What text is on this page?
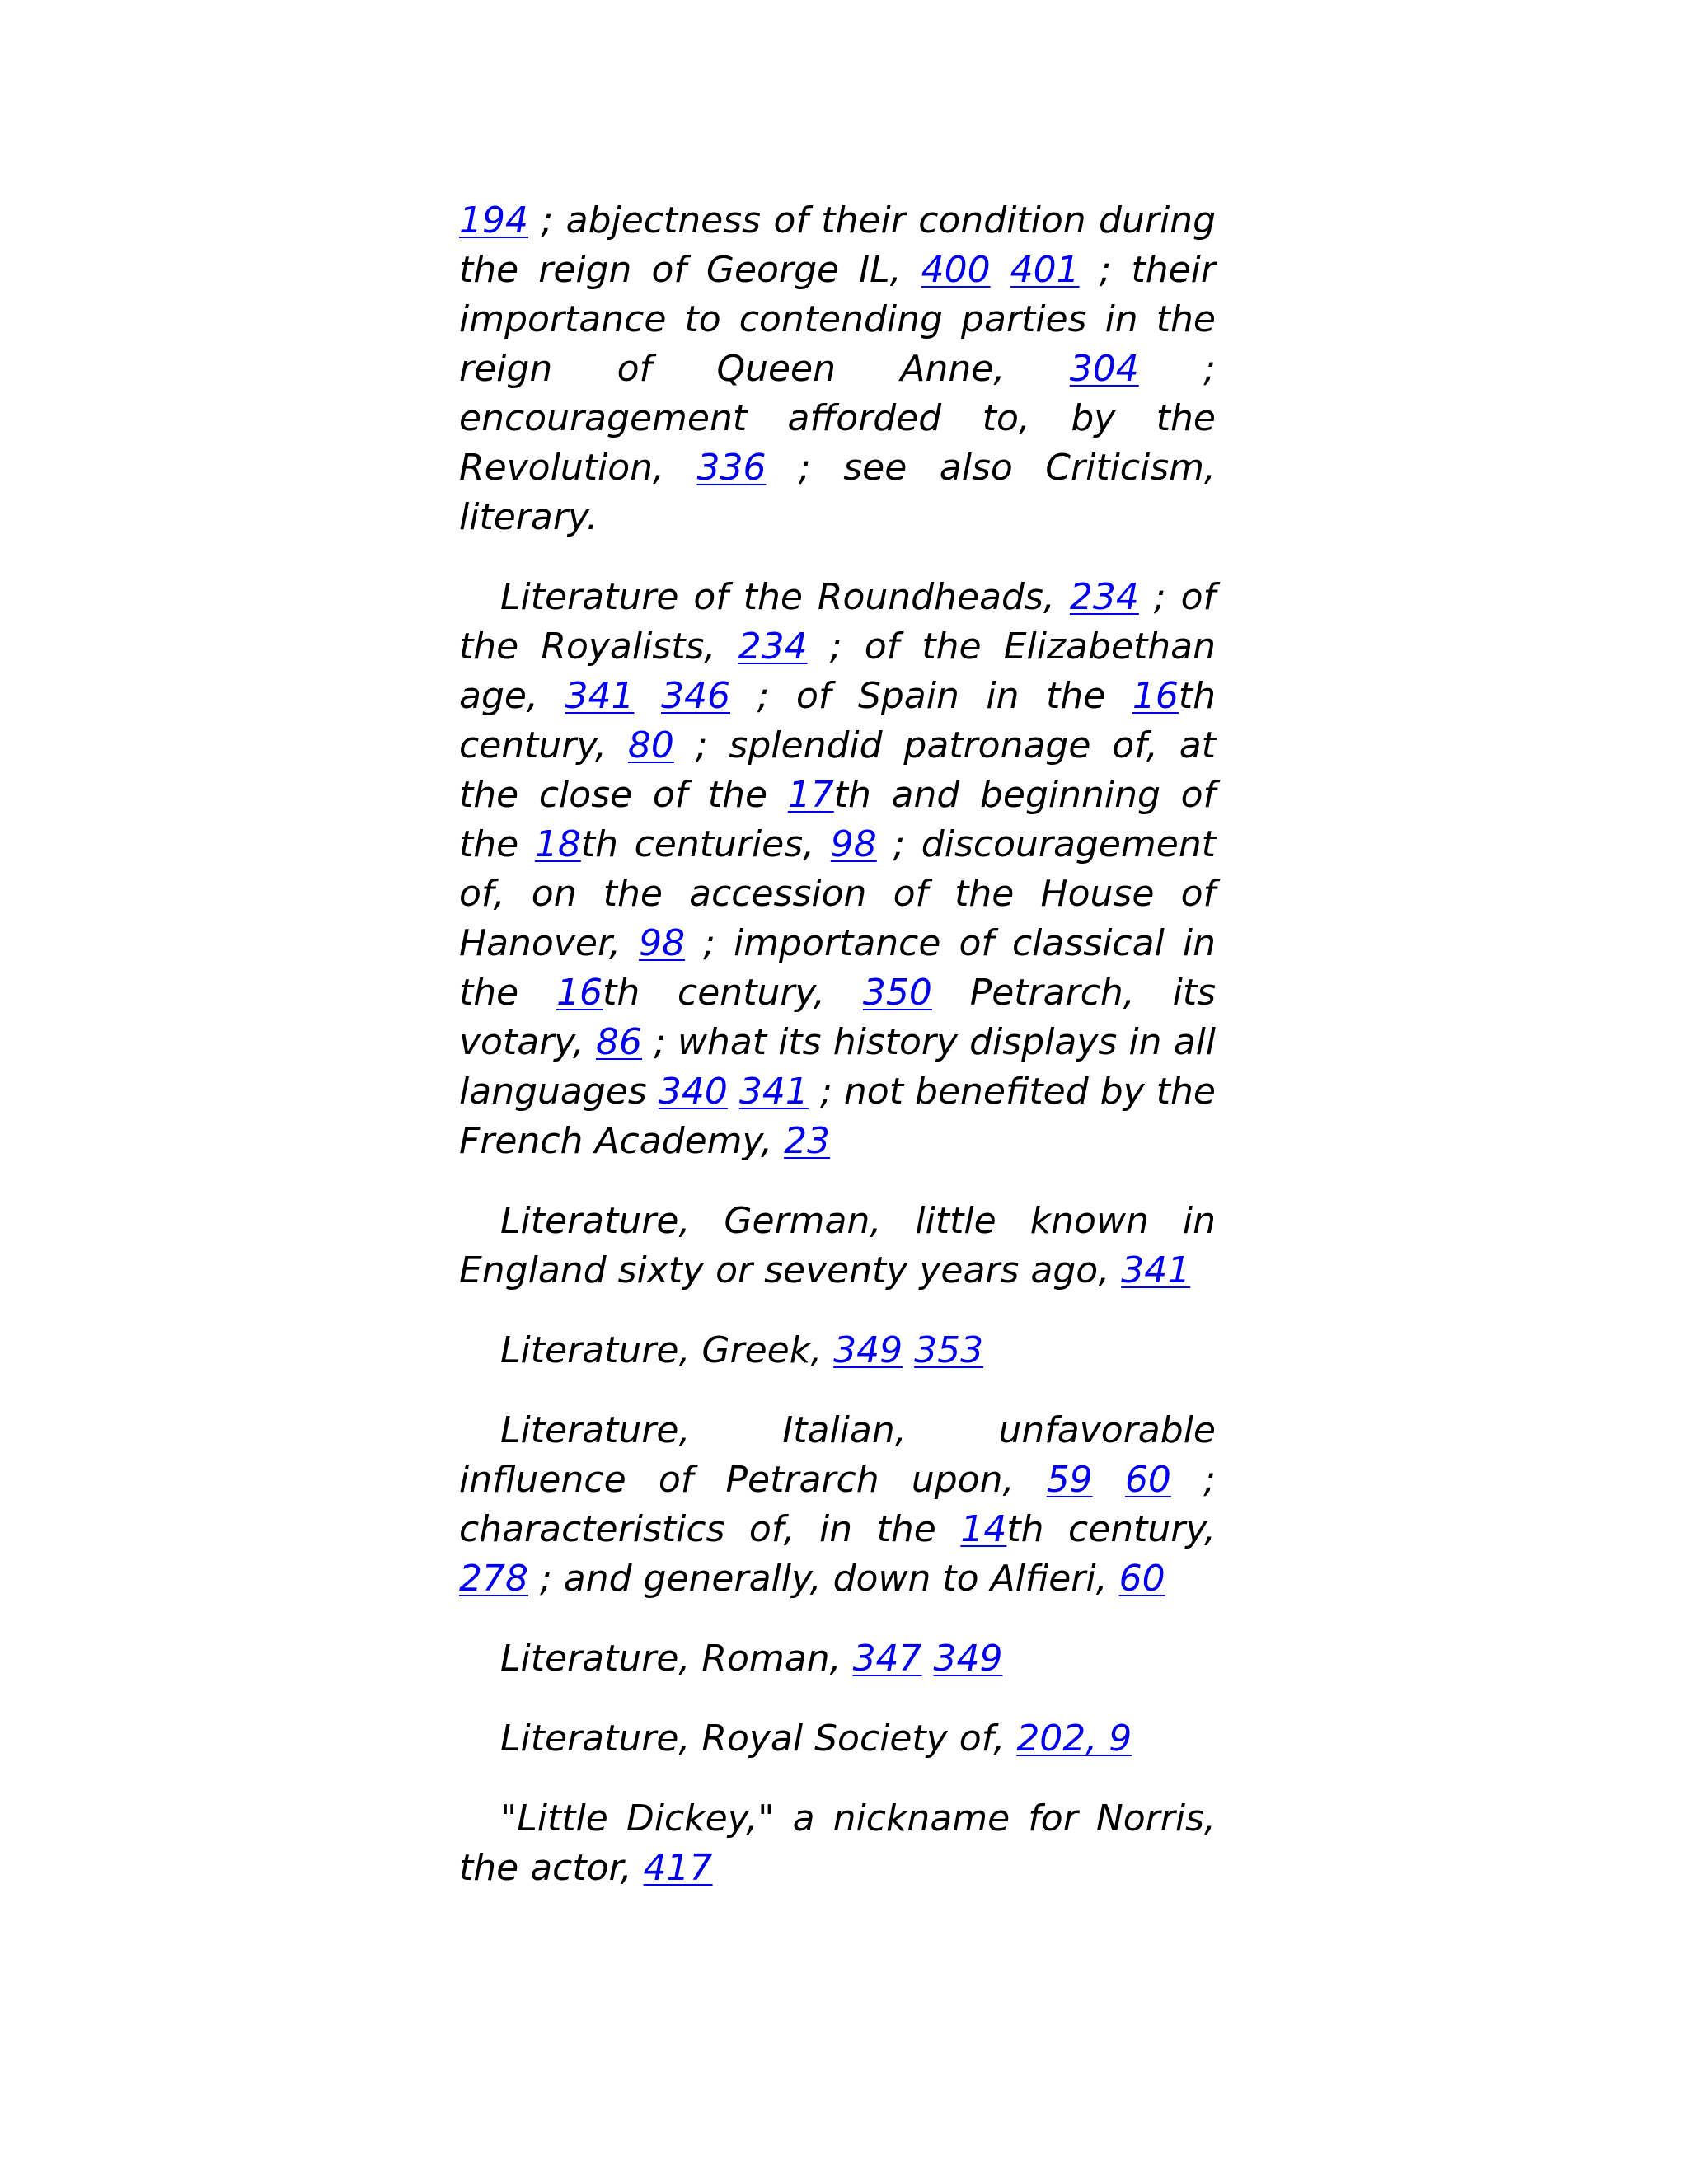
194 ; abjectness of their condition during the reign of George IL, 400 401 ; their importance to contending parties in the reign of Queen Anne, 304 ; encouragement afforded to, by the Revolution, 336 ; see also Criticism, literary.

Literature of the Roundheads, 234 ; of the Royalists, 234 ; of the Elizabethan age, 341 346 ; of Spain in the 16th century, 80 ; splendid patronage of, at the close of the 17th and beginning of the 18th centuries, 98 ; discouragement of, on the accession of the House of Hanover, 98 ; importance of classical in the 16th century, 350 Petrarch, its votary, 86 ; what its history displays in all languages 340 341 ; not benefited by the French Academy, 23

Literature, German, little known in England sixty or seventy years ago, 341

Literature, Greek, 349 353

Literature, Italian, unfavorable influence of Petrarch upon, 59 60 ; characteristics of, in the 14th century, 278 ; and generally, down to Alfieri, 60

Literature, Roman, 347 349

Literature, Royal Society of, 202, 9

"Little Dickey," a nickname for Norris, the actor, 417
